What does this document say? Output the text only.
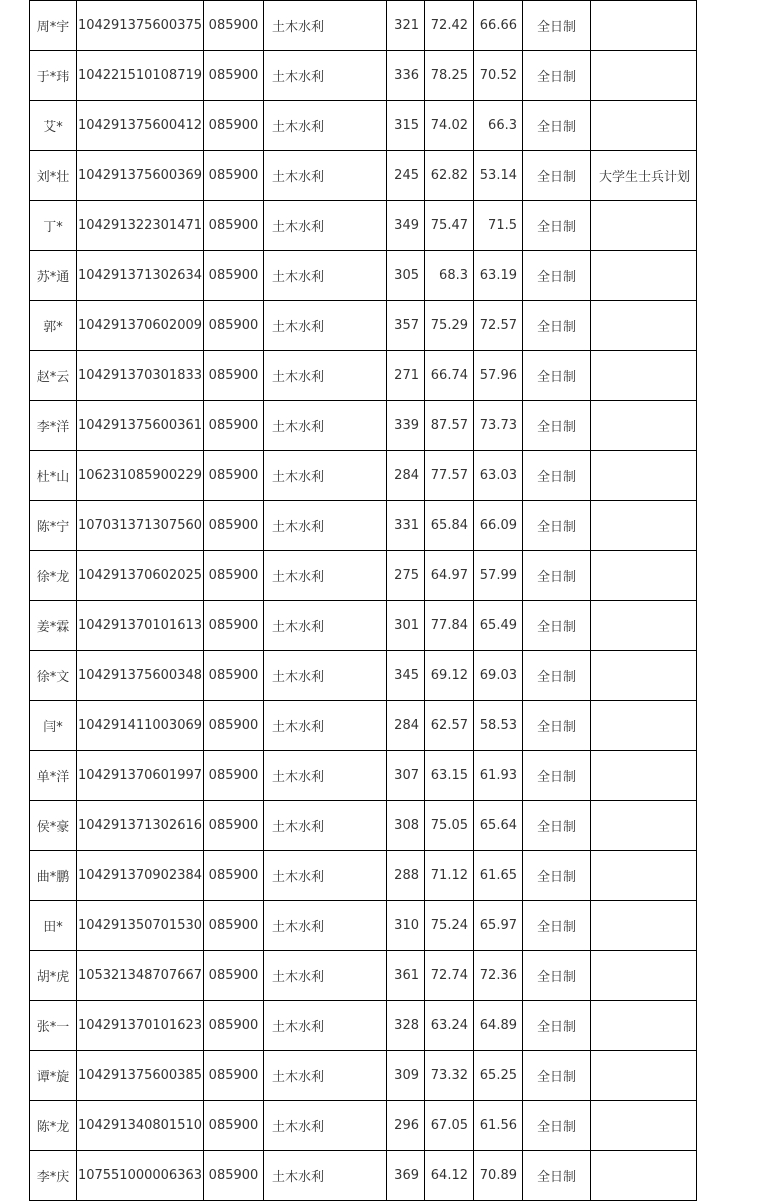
周*宇	104291375600375	085900	土木水利	321	72.42	66.66	全日制	
于*玮	104221510108719	085900	土木水利	336	78.25	70.52	全日制	
艾*	104291375600412	085900	土木水利	315	74.02	66.3	全日制	
刘*壮	104291375600369	085900	土木水利	245	62.82	53.14	全日制	大学生士兵计划
丁*	104291322301471	085900	土木水利	349	75.47	71.5	全日制	
苏*通	104291371302634	085900	土木水利	305	68.3	63.19	全日制	
郭*	104291370602009	085900	土木水利	357	75.29	72.57	全日制	
赵*云	104291370301833	085900	土木水利	271	66.74	57.96	全日制	
李*洋	104291375600361	085900	土木水利	339	87.57	73.73	全日制	
杜*山	106231085900229	085900	土木水利	284	77.57	63.03	全日制	
陈*宁	107031371307560	085900	土木水利	331	65.84	66.09	全日制	
徐*龙	104291370602025	085900	土木水利	275	64.97	57.99	全日制	
姜*霖	104291370101613	085900	土木水利	301	77.84	65.49	全日制	
徐*文	104291375600348	085900	土木水利	345	69.12	69.03	全日制	
闫*	104291411003069	085900	土木水利	284	62.57	58.53	全日制	
单*洋	104291370601997	085900	土木水利	307	63.15	61.93	全日制	
侯*豪	104291371302616	085900	土木水利	308	75.05	65.64	全日制	
曲*鹏	104291370902384	085900	土木水利	288	71.12	61.65	全日制	
田*	104291350701530	085900	土木水利	310	75.24	65.97	全日制	
胡*虎	105321348707667	085900	土木水利	361	72.74	72.36	全日制	
张*一	104291370101623	085900	土木水利	328	63.24	64.89	全日制	
谭*旋	104291375600385	085900	土木水利	309	73.32	65.25	全日制	
陈*龙	104291340801510	085900	土木水利	296	67.05	61.56	全日制	
李*庆	107551000006363	085900	土木水利	369	64.12	70.89	全日制	
